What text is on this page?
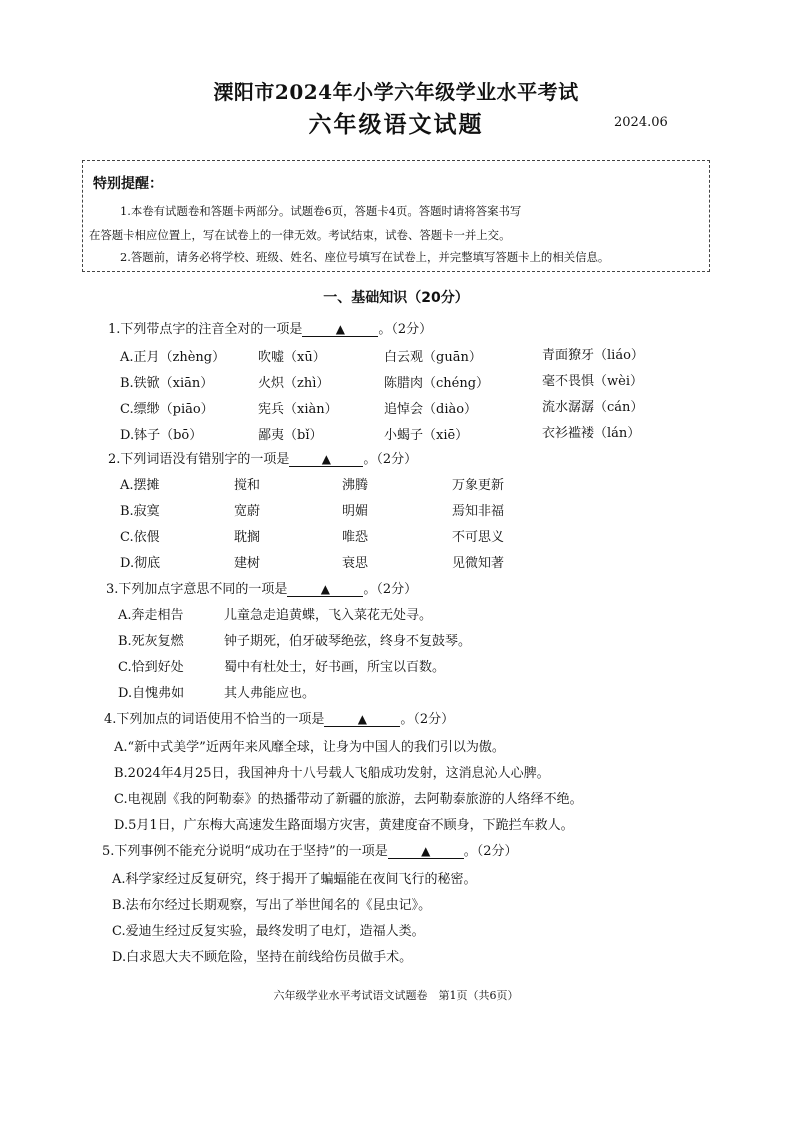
溧阳市2024年小学六年级学业水平考试
六年级语文试题	2024.06
特别提醒：
1.本卷有试题卷和答题卡两部分。试题卷6页，答题卡4页。答题时请将答案书写
在答题卡相应位置上，写在试卷上的一律无效。考试结束，试卷、答题卡一并上交。
2.答题前，请务必将学校、班级、姓名、座位号填写在试卷上，并完整填写答题卡上的相关信息。
一、基础知识（20分）
1.下列带点字的注音全对的一项是	▲	。（2分）
A.正月（zhèng）	吹嘘（xū）	白云观（guān）	青面獠牙（liáo）
B.铁锨（xiān）	火炽（zhì）	陈腊肉（chéng）	毫不畏惧（wèi）
C.缥缈（piāo）	宪兵（xiàn）	追悼会（diào）	流水潺潺（cán）
D.钵子（bō）	鄙夷（bǐ）	小蝎子（xiē）	衣衫褴褛（lán）
2.下列词语没有错别字的一项是	▲ 。（2分）
A.摆摊	搅和	沸腾	万象更新
B.寂寞	宽蔚	明媚	焉知非福
C.依偎	耽搁	唯恐	不可思义
D.彻底	建树	衰思	见微知著
3.下列加点字意思不同的一项是	▲	。（2分）
A.奔走相告	儿童急走追黄蝶，飞入菜花无处寻。
B.死灰复燃	钟子期死，伯牙破琴绝弦，终身不复鼓琴。
C.恰到好处	蜀中有杜处士，好书画，所宝以百数。
D.自愧弗如	其人弗能应也。
4.下列加点的词语使用不恰当的一项是	▲	。（2分）
A.“新中式美学”近两年来风靡全球，让身为中国人的我们引以为傲。
B.2024年4月25日，我国神舟十八号载人飞船成功发射，这消息沁人心脾。
C.电视剧《我的阿勒泰》的热播带动了新疆的旅游，去阿勒泰旅游的人络绎不绝。
D.5月1日，广东梅大高速发生路面塌方灾害，黄建度奋不顾身，下跪拦车救人。
5.下列事例不能充分说明“成功在于坚持”的一项是	▲	。（2分）
A.科学家经过反复研究，终于揭开了蝙蝠能在夜间飞行的秘密。
B.法布尔经过长期观察，写出了举世闻名的《昆虫记》。
C.爱迪生经过反复实验，最终发明了电灯，造福人类。
D.白求恩大夫不顾危险，坚持在前线给伤员做手术。
六年级学业水平考试语文试题卷　第1页（共6页）
